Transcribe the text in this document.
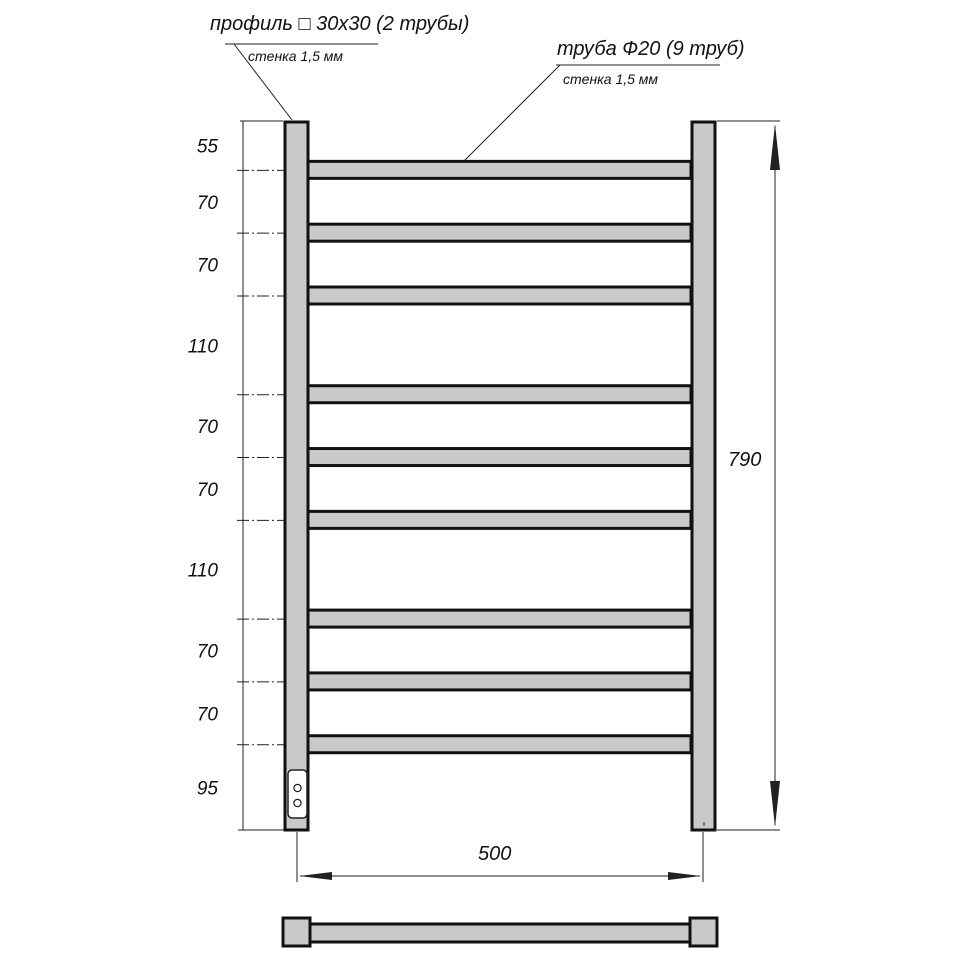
профиль □ 30x30 (2 трубы)
стенка 1,5 мм	труба Ф20 (9 труб)
стенка 1,5 мм
55
70
70
110
70
70
110
70
70
95
790
500
